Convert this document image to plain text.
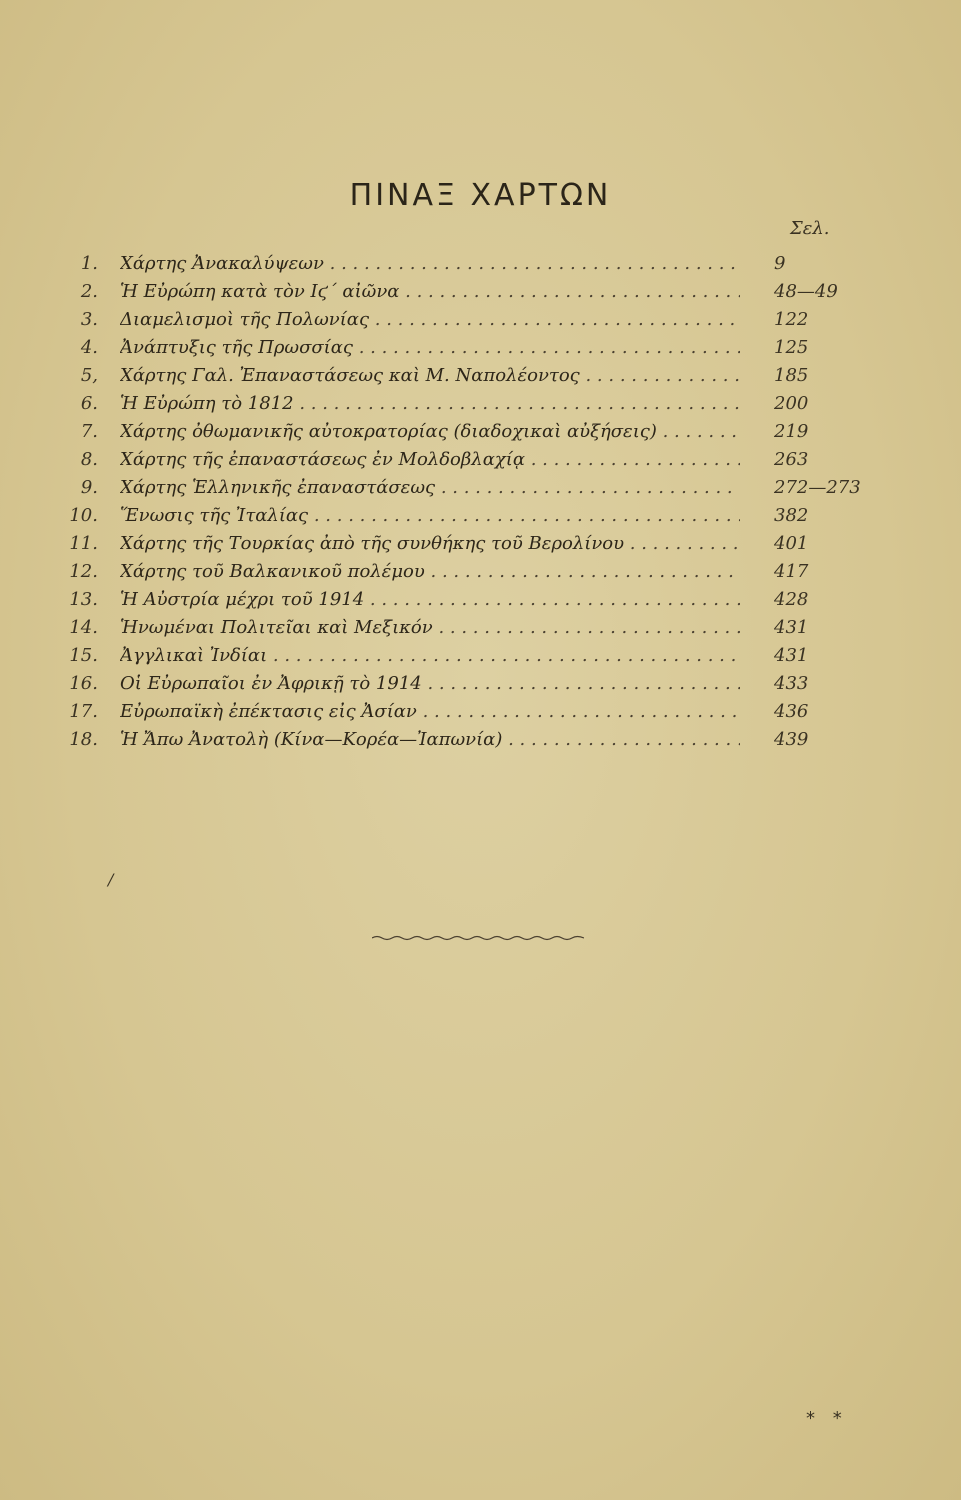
ΠΙΝΑΞ ΧΑΡΤΩΝ
Σελ.
1. Χάρτης Ἀνακαλύψεων . . .	9
2. Ἡ Εὐρώπη κατὰ τὸν Ιϛ΄ αἰῶνα . . .	48—49
3. Διαμελισμοὶ τῆς Πολωνίας . . .	122
4. Ἀνάπτυξις τῆς Πρωσσίας . . .	125
5, Χάρτης Γαλ. Ἐπαναστάσεως καὶ Μ. Ναπολέοντος . . .	185
6. Ἡ Εὐρώπη τὸ 1812 . . .	200
7. Χάρτης ὀθωμανικῆς αὐτοκρατορίας (διαδοχικαὶ αὐξήσεις) . . .	219
8. Χάρτης τῆς ἐπαναστάσεως ἐν Μολδοβλαχίᾳ . . .	263
9. Χάρτης Ἑλληνικῆς ἐπαναστάσεως . . .	272—273
10. Ἕνωσις τῆς Ἰταλίας . . .	382
11. Χάρτης τῆς Τουρκίας ἀπὸ τῆς συνθήκης τοῦ Βερολίνου . . .	401
12. Χάρτης τοῦ Βαλκανικοῦ πολέμου . . .	417
13. Ἡ Αὐστρία μέχρι τοῦ 1914 . . .	428
14. Ἡνωμέναι Πολιτεῖαι καὶ Μεξικόν . . .	431
15. Ἀγγλικαὶ Ἰνδίαι . . .	431
16. Οἱ Εὐρωπαῖοι ἐν Ἀφρικῇ τὸ 1914 . . .	433
17. Εὐρωπαϊκὴ ἐπέκτασις εἰς Ἀσίαν . . .	436
18. Ἡ Ἄπω Ἀνατολὴ (Κίνα—Κορέα—Ἰαπωνία) . . .	439
/
* *
